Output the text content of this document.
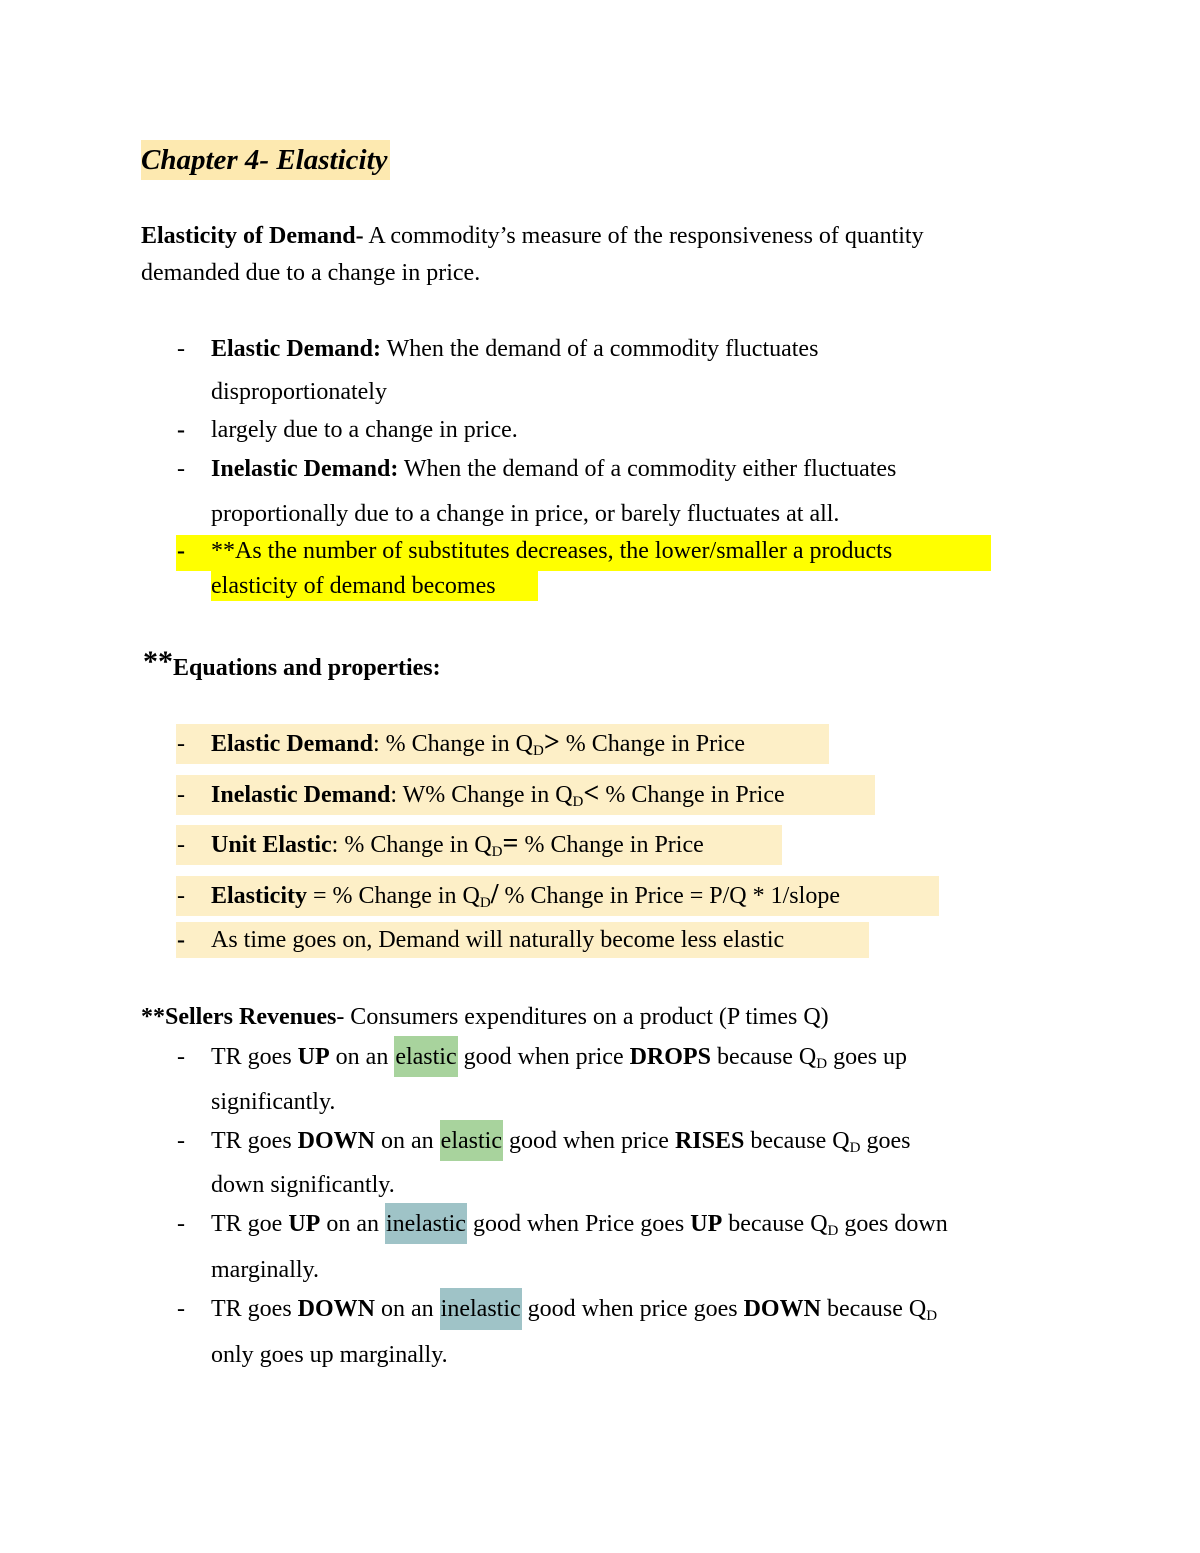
Chapter 4- Elasticity
Elasticity of Demand- A commodity’s measure of the responsiveness of quantity
demanded due to a change in price.
- Elastic Demand: When the demand of a commodity fluctuates
disproportionately
- largely due to a change in price.
- Inelastic Demand: When the demand of a commodity either fluctuates
proportionally due to a change in price, or barely fluctuates at all.
- **As the number of substitutes decreases, the lower/smaller a products
elasticity of demand becomes
**Equations and properties:
- Elastic Demand: % Change in $Q_D>$ % Change in Price
- Inelastic Demand: W% Change in $Q_D<$ % Change in Price
- Unit Elastic: % Change in $Q_D=$ % Change in Price
- Elasticity = % Change in $Q_D/$ % Change in Price = P/Q * 1/slope
- As time goes on, Demand will naturally become less elastic
**Sellers Revenues- Consumers expenditures on a product (P times Q)
- TR goes UP on an elastic good when price DROPS because $Q_D$ goes up
significantly.
- TR goes DOWN on an elastic good when price RISES because $Q_D$ goes
down significantly.
- TR goe UP on an inelastic good when Price goes UP because $Q_D$ goes down
marginally.
- TR goes DOWN on an inelastic good when price goes DOWN because $Q_D$
only goes up marginally.
